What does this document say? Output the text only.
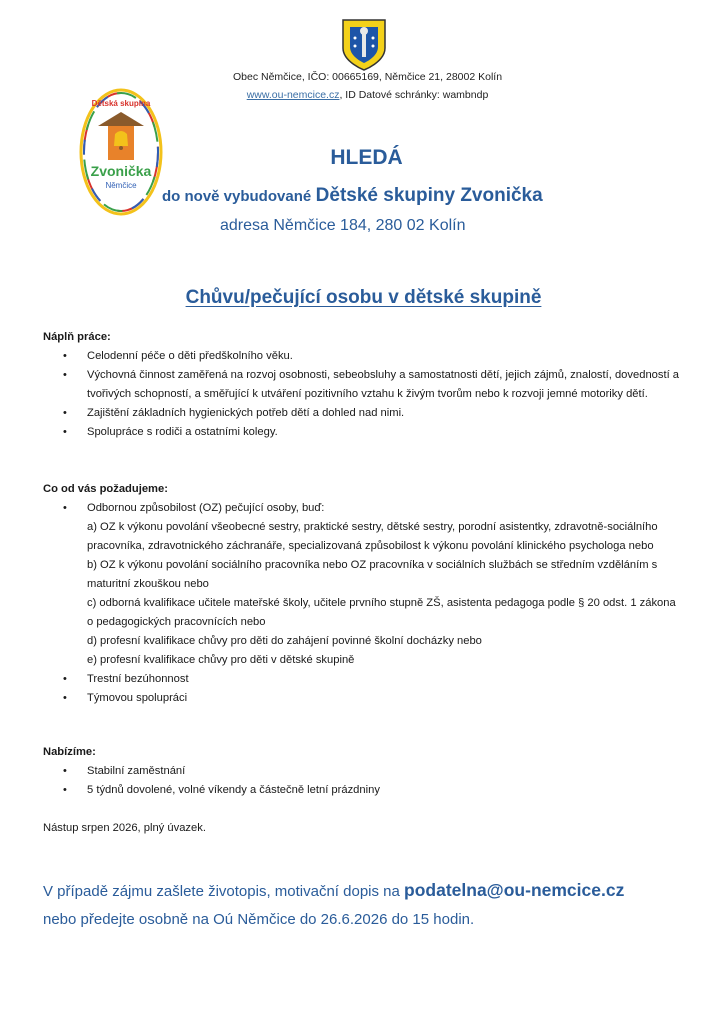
Dětská skupina
Zvonička
Němčice
Obec Němčice, IČO: 00665169, Němčice 21, 28002 Kolín
www.ou-nemcice.cz, ID Datové schránky: wambndp
HLEDÁ
do nově vybudované Dětské skupiny Zvonička
adresa Němčice 184, 280 02 Kolín
Chůvu/pečující osobu v dětské skupině
Náplň práce:
• Celodenní péče o děti předškolního věku.
• Výchovná činnost zaměřená na rozvoj osobnosti, sebeobsluhy a samostatnosti dětí, jejich zájmů, znalostí, dovedností a tvořivých schopností, a směřující k utváření pozitivního vztahu k živým tvorům nebo k rozvoji jemné motoriky dětí.
• Zajištění základních hygienických potřeb dětí a dohled nad nimi.
• Spolupráce s rodiči a ostatními kolegy.
Co od vás požadujeme:
• Odbornou způsobilost (OZ) pečující osoby, buď:
a) OZ k výkonu povolání všeobecné sestry, praktické sestry, dětské sestry, porodní asistentky, zdravotně-sociálního pracovníka, zdravotnického záchranáře, specializovaná způsobilost k výkonu povolání klinického psychologa nebo
b) OZ k výkonu povolání sociálního pracovníka nebo OZ pracovníka v sociálních službách se středním vzděláním s maturitní zkouškou nebo
c) odborná kvalifikace učitele mateřské školy, učitele prvního stupně ZŠ, asistenta pedagoga podle § 20 odst. 1 zákona o pedagogických pracovnících nebo
d) profesní kvalifikace chůvy pro děti do zahájení povinné školní docházky nebo
e) profesní kvalifikace chůvy pro děti v dětské skupině
• Trestní bezúhonnost
• Týmovou spolupráci
Nabízíme:
• Stabilní zaměstnání
• 5 týdnů dovolené, volné víkendy a částečně letní prázdniny
Nástup srpen 2026, plný úvazek.
V případě zájmu zašlete životopis, motivační dopis na podatelna@ou-nemcice.cz
nebo předejte osobně na Oú Němčice do 26.6.2026 do 15 hodin.
